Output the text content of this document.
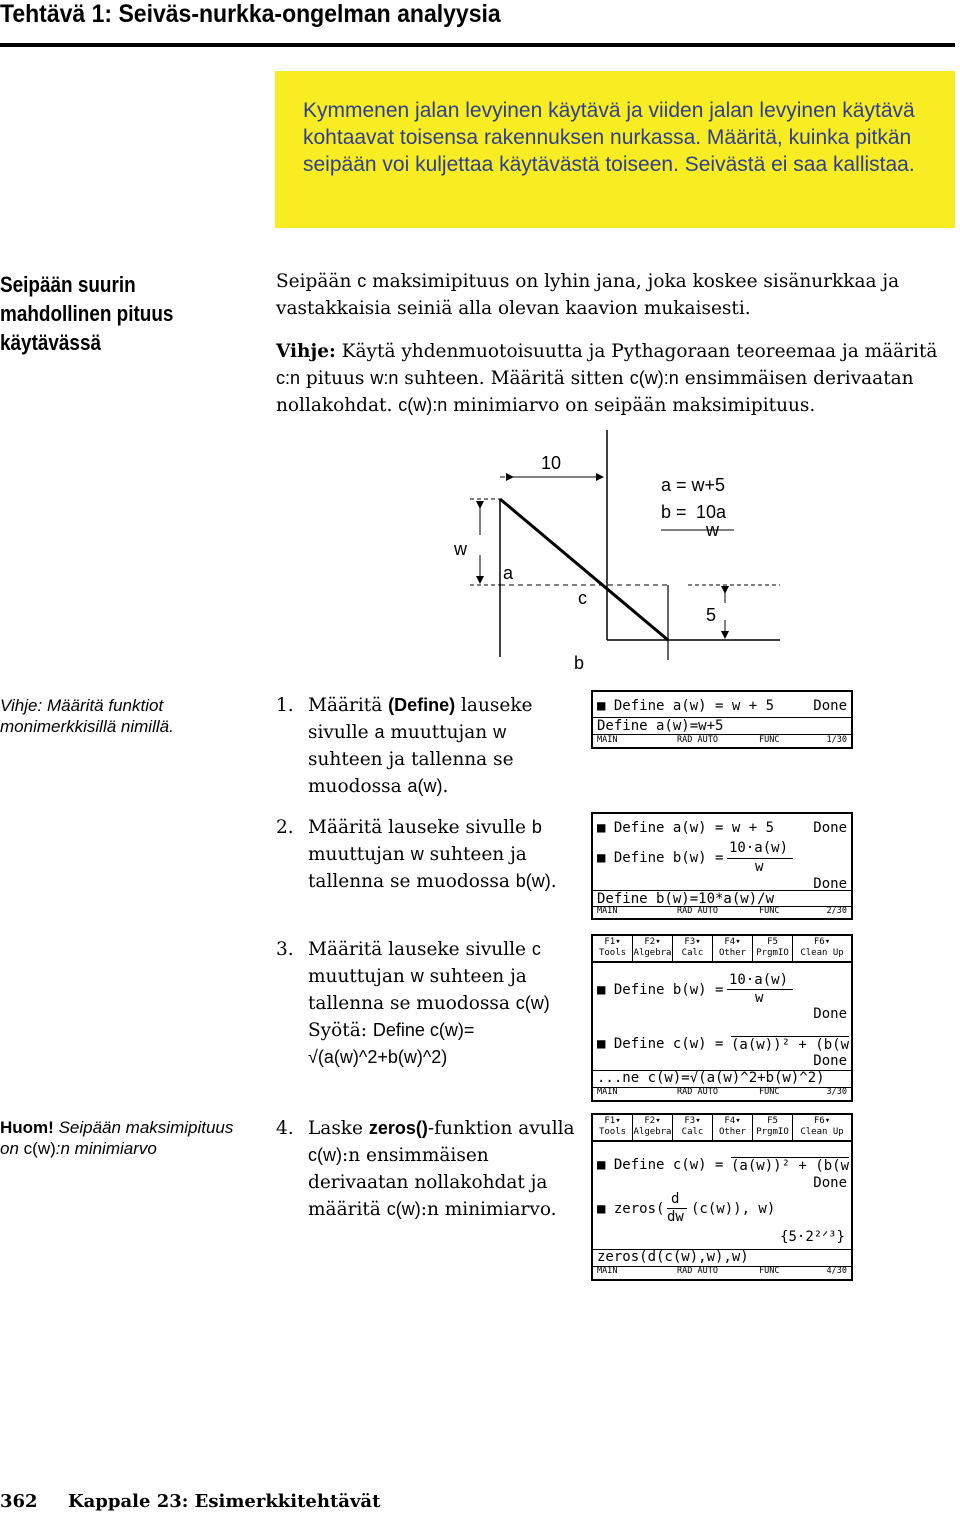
Tehtävä 1: Seiväs-nurkka-ongelman analyysia

Kymmenen jalan levyinen käytävä ja viiden jalan levyinen käytävä kohtaavat toisensa rakennuksen nurkassa. Määritä, kuinka pitkän seipään voi kuljettaa käytävästä toiseen. Seivästä ei saa kallistaa.

Seipään suurin
mahdollinen pituus
käytävässä
Seipään c maksimipituus on lyhin jana, joka koskee sisänurkkaa ja vastakkaisia seiniä alla olevan kaavion mukaisesti.
Vihje: Käytä yhdenmuotoisuutta ja Pythagoraan teoreemaa ja määritä c:n pituus w:n suhteen. Määritä sitten c(w):n ensimmäisen derivaatan nollakohdat. c(w):n minimiarvo on seipään maksimipituus.
10
w
a
c
5
b
a = w+5
b = 10a
w
Vihje: Määritä funktiot monimerkkisillä nimillä.
Huom! Seipään maksimipituus on c(w):n minimiarvo
1. Määritä (Define) lauseke sivulle a muuttujan w suhteen ja tallenna se muodossa a(w).
2. Määritä lauseke sivulle b muuttujan w suhteen ja tallenna se muodossa b(w).
3. Määritä lauseke sivulle c muuttujan w suhteen ja tallenna se muodossa c(w)
Syötä: Define c(w)=
√(a(w)^2+b(w)^2)
4. Laske zeros()-funktion avulla c(w):n ensimmäisen derivaatan nollakohdat ja määritä c(w):n minimiarvo.
■ Define a(w) = w + 5	Done
Define a(w)=w+5
MAIN	RAD AUTO	FUNC	1/30
■ Define a(w) = w + 5	Done
■ Define b(w) =
10·a(w)
w
Done
Define b(w)=10*a(w)/w
MAIN	RAD AUTO	FUNC	2/30
F1▾
Tools
F2▾
Algebra
F3▾
Calc
F4▾
Other
F5
PrgmIO
F6▾
Clean Up
■ Define b(w) =
10·a(w)
w
Done
■ Define c(w) = (a(w))² + (b(w
Done
...ne c(w)=√(a(w)^2+b(w)^2)
MAIN	RAD AUTO	FUNC	3/30
F1▾
Tools
F2▾
Algebra
F3▾
Calc
F4▾
Other
F5
PrgmIO
F6▾
Clean Up
■ Define c(w) = (a(w))² + (b(w
Done
■ zeros(
d
dw (c(w)), w)
{5·2²ᐟ³}
zeros(d(c(w),w),w)
MAIN	RAD AUTO	FUNC	4/30
362 Kappale 23: Esimerkkitehtävät
